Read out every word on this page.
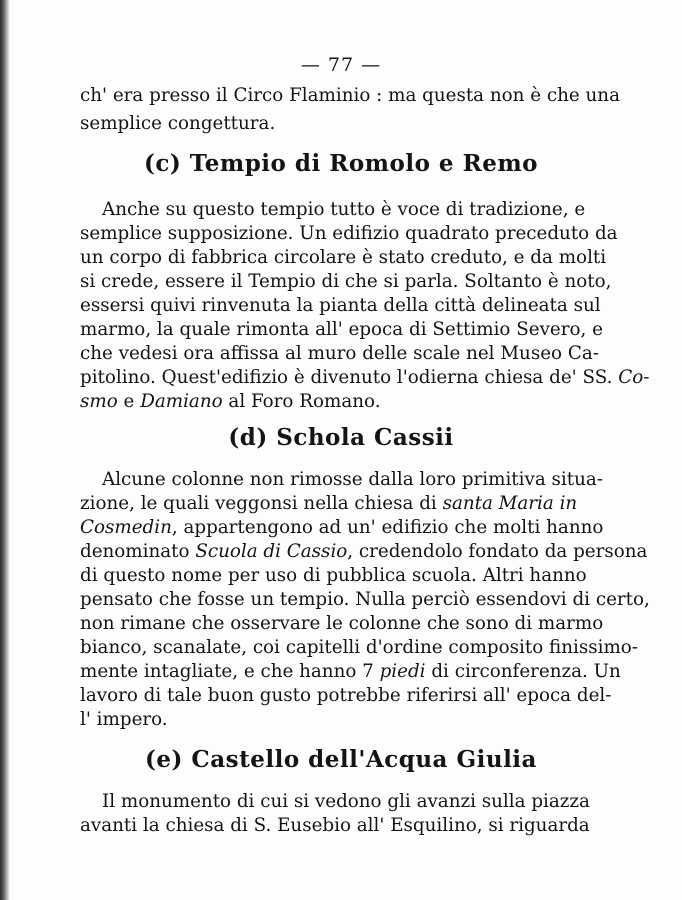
— 77 —
ch' era presso il Circo Flaminio : ma questa non è che una
semplice congettura.
(c) Tempio di Romolo e Remo
Anche su questo tempio tutto è voce di tradizione, e
semplice supposizione. Un edifizio quadrato preceduto da
un corpo di fabbrica circolare è stato creduto, e da molti
si crede, essere il Tempio di che si parla. Soltanto è noto,
essersi quivi rinvenuta la pianta della città delineata sul
marmo, la quale rimonta all' epoca di Settimio Severo, e
che vedesi ora affissa al muro delle scale nel Museo Ca-
pitolino. Quest'edifizio è divenuto l'odierna chiesa de' SS. Co-
smo e Damiano al Foro Romano.
(d) Schola Cassii
Alcune colonne non rimosse dalla loro primitiva situa-
zione, le quali veggonsi nella chiesa di santa Maria in
Cosmedin, appartengono ad un' edifizio che molti hanno
denominato Scuola di Cassio, credendolo fondato da persona
di questo nome per uso di pubblica scuola. Altri hanno
pensato che fosse un tempio. Nulla perciò essendovi di certo,
non rimane che osservare le colonne che sono di marmo
bianco, scanalate, coi capitelli d'ordine composito finissimo-
mente intagliate, e che hanno 7 piedi di circonferenza. Un
lavoro di tale buon gusto potrebbe riferirsi all' epoca del-
l' impero.
(e) Castello dell'Acqua Giulia
Il monumento di cui si vedono gli avanzi sulla piazza
avanti la chiesa di S. Eusebio all' Esquilino, si riguarda
